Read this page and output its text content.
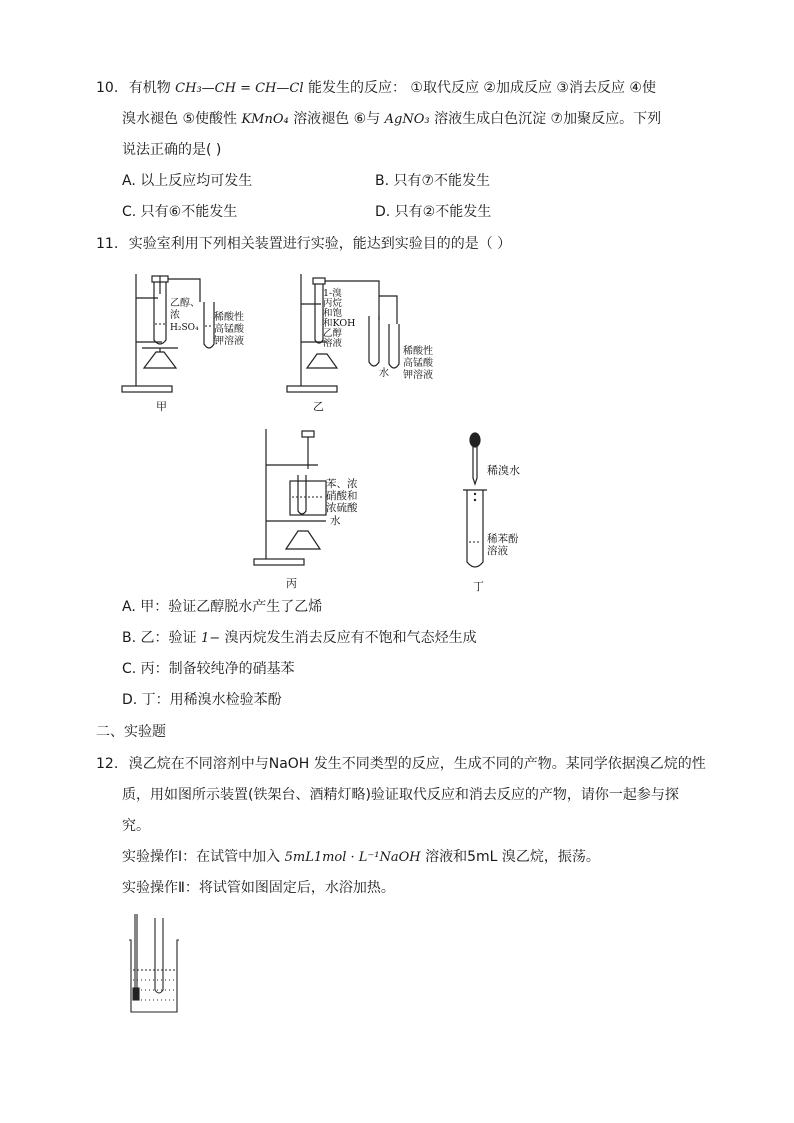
10. 有机物 CH₃—CH = CH—Cl 能发生的反应： ①取代反应 ②加成反应 ③消去反应 ④使
溴水褪色 ⑤使酸性 KMnO₄ 溶液褪色 ⑥与 AgNO₃ 溶液生成白色沉淀 ⑦加聚反应。下列
说法正确的是( )
A. 以上反应均可发生	B. 只有⑦不能发生
C. 只有⑥不能发生	D. 只有②不能发生
11. 实验室利用下列相关装置进行实验，能达到实验目的的是（ ）
乙醇、
浓
H₂SO₄
稀酸性
高锰酸
钾溶液
甲
1-溴
丙烷
和饱
和KOH
乙醇
溶液
水
稀酸性
高锰酸
钾溶液
乙
苯、浓
硝酸和
浓硫酸
水
丙
稀溴水
稀苯酚
溶液
丁
A. 甲：验证乙醇脱水产生了乙烯
B. 乙：验证 1− 溴丙烷发生消去反应有不饱和气态烃生成
C. 丙：制备较纯净的硝基苯
D. 丁：用稀溴水检验苯酚
二、实验题
12. 溴乙烷在不同溶剂中与NaOH 发生不同类型的反应，生成不同的产物。某同学依据溴乙烷的性
质，用如图所示装置(铁架台、酒精灯略)验证取代反应和消去反应的产物，请你一起参与探
究。
实验操作Ⅰ：在试管中加入 5mL1mol · L⁻¹NaOH 溶液和5mL 溴乙烷，振荡。
实验操作Ⅱ：将试管如图固定后，水浴加热。
